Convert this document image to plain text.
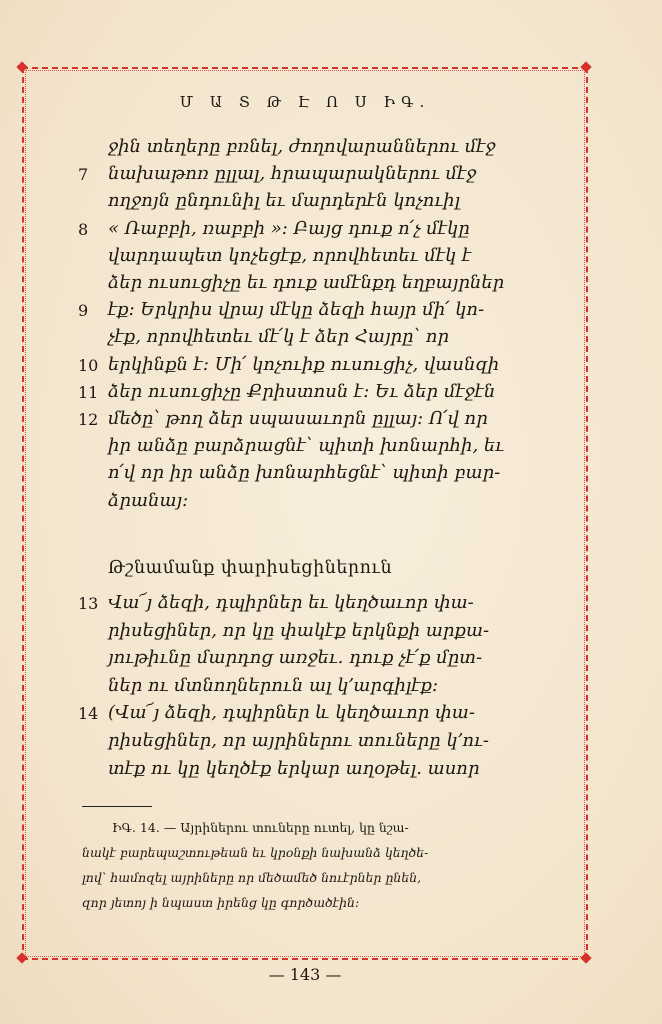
Մ Ա Տ Թ Է Ո Ս ԻԳ.
ջին տեղերը բռնել, ժողովարաններու մէջ
7 նախաթոռ ըլլալ, հրապարակներու մէջ
ողջոյն ընդունիլ եւ մարդերէն կոչուիլ
8 « Ռաբբի, ռաբբի »: Բայց դուք ո՛չ մէկը
վարդապետ կոչեցէք, որովհետեւ մէկ է
ձեր ուսուցիչը եւ դուք ամէնքդ եղբայրներ
9 էք: Երկրիս վրայ մէկը ձեզի հայր մի՛ կո-
չէք, որովհետեւ մէ՛կ է ձեր Հայրը՝ որ
10 երկինքն է: Մի՛ կոչուիք ուսուցիչ, վասնզի
11 ձեր ուսուցիչը Քրիստոսն է: Եւ ձեր մէջէն
12 մեծը՝ թող ձեր սպասաւորն ըլլայ: Ո՛վ որ
իր անձը բարձրացնէ՝ պիտի խոնարհի, եւ
ո՛վ որ իր անձը խոնարհեցնէ՝ պիտի բար-
ձրանայ:
Թշնամանք փարիսեցիներուն
13 Վա՜յ ձեզի, դպիրներ եւ կեղծաւոր փա-
րիսեցիներ, որ կը փակէք երկնքի արքա-
յութիւնը մարդոց առջեւ. դուք չէ՛ք մըտ-
ներ ու մտնողներուն ալ կ՚արգիլէք:
14 (Վա՜յ ձեզի, դպիրներ և կեղծաւոր փա-
րիսեցիներ, որ այրիներու տուները կ՚ու-
տէք ու կը կեղծէք երկար աղօթել. ասոր
ԻԳ. 14. — Այրիներու տուները ուտել, կը նշա-
նակէ բարեպաշտութեան եւ կրօնքի նախանձ կեղծե-
լով՝ համոզել այրիները որ մեծամեծ նուէրներ ընեն,
զոր յետոյ ի նպաստ իրենց կը գործածէին:
— 143 —
